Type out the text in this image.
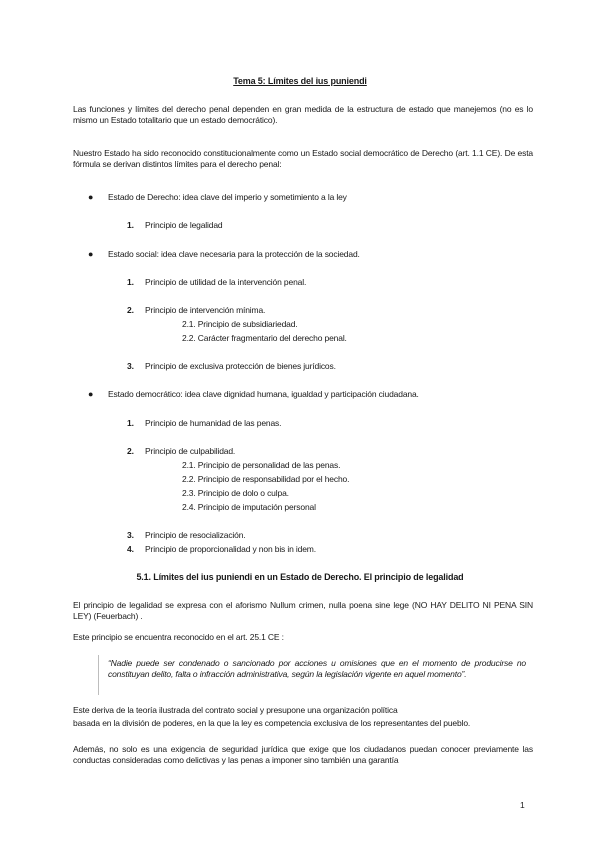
Tema 5: Límites del ius puniendi
Las funciones y límites del derecho penal dependen en gran medida de la estructura de estado que manejemos (no es lo mismo un Estado totalitario que un estado democrático).
Nuestro Estado ha sido reconocido constitucionalmente como un Estado social democrático de Derecho (art. 1.1 CE). De esta fórmula se derivan distintos límites para el derecho penal:
● Estado de Derecho: idea clave del imperio y sometimiento a la ley
1. Principio de legalidad
● Estado social: idea clave necesaria para la protección de la sociedad.
1. Principio de utilidad de la intervención penal.
2. Principio de intervención mínima.
2.1. Principio de subsidiariedad.
2.2. Carácter fragmentario del derecho penal.
3. Principio de exclusiva protección de bienes jurídicos.
● Estado democrático: idea clave dignidad humana, igualdad y participación ciudadana.
1. Principio de humanidad de las penas.
2. Principio de culpabilidad.
2.1. Principio de personalidad de las penas.
2.2. Principio de responsabilidad por el hecho.
2.3. Principio de dolo o culpa.
2.4. Principio de imputación personal
3. Principio de resocialización.
4. Principio de proporcionalidad y non bis in idem.
5.1. Límites del ius puniendi en un Estado de Derecho. El principio de legalidad
El principio de legalidad se expresa con el aforismo Nullum crimen, nulla poena sine lege (NO HAY DELITO NI PENA SIN LEY) (Feuerbach) .
Este principio se encuentra reconocido en el art. 25.1 CE :
“Nadie puede ser condenado o sancionado por acciones u omisiones que en el momento de producirse no constituyan delito, falta o infracción administrativa, según la legislación vigente en aquel momento”.
Este deriva de la teoría ilustrada del contrato social y presupone una organización política
basada en la división de poderes, en la que la ley es competencia exclusiva de los representantes del pueblo.
Además, no solo es una exigencia de seguridad jurídica que exige que los ciudadanos puedan conocer previamente las conductas consideradas como delictivas y las penas a imponer sino también una garantía
1
